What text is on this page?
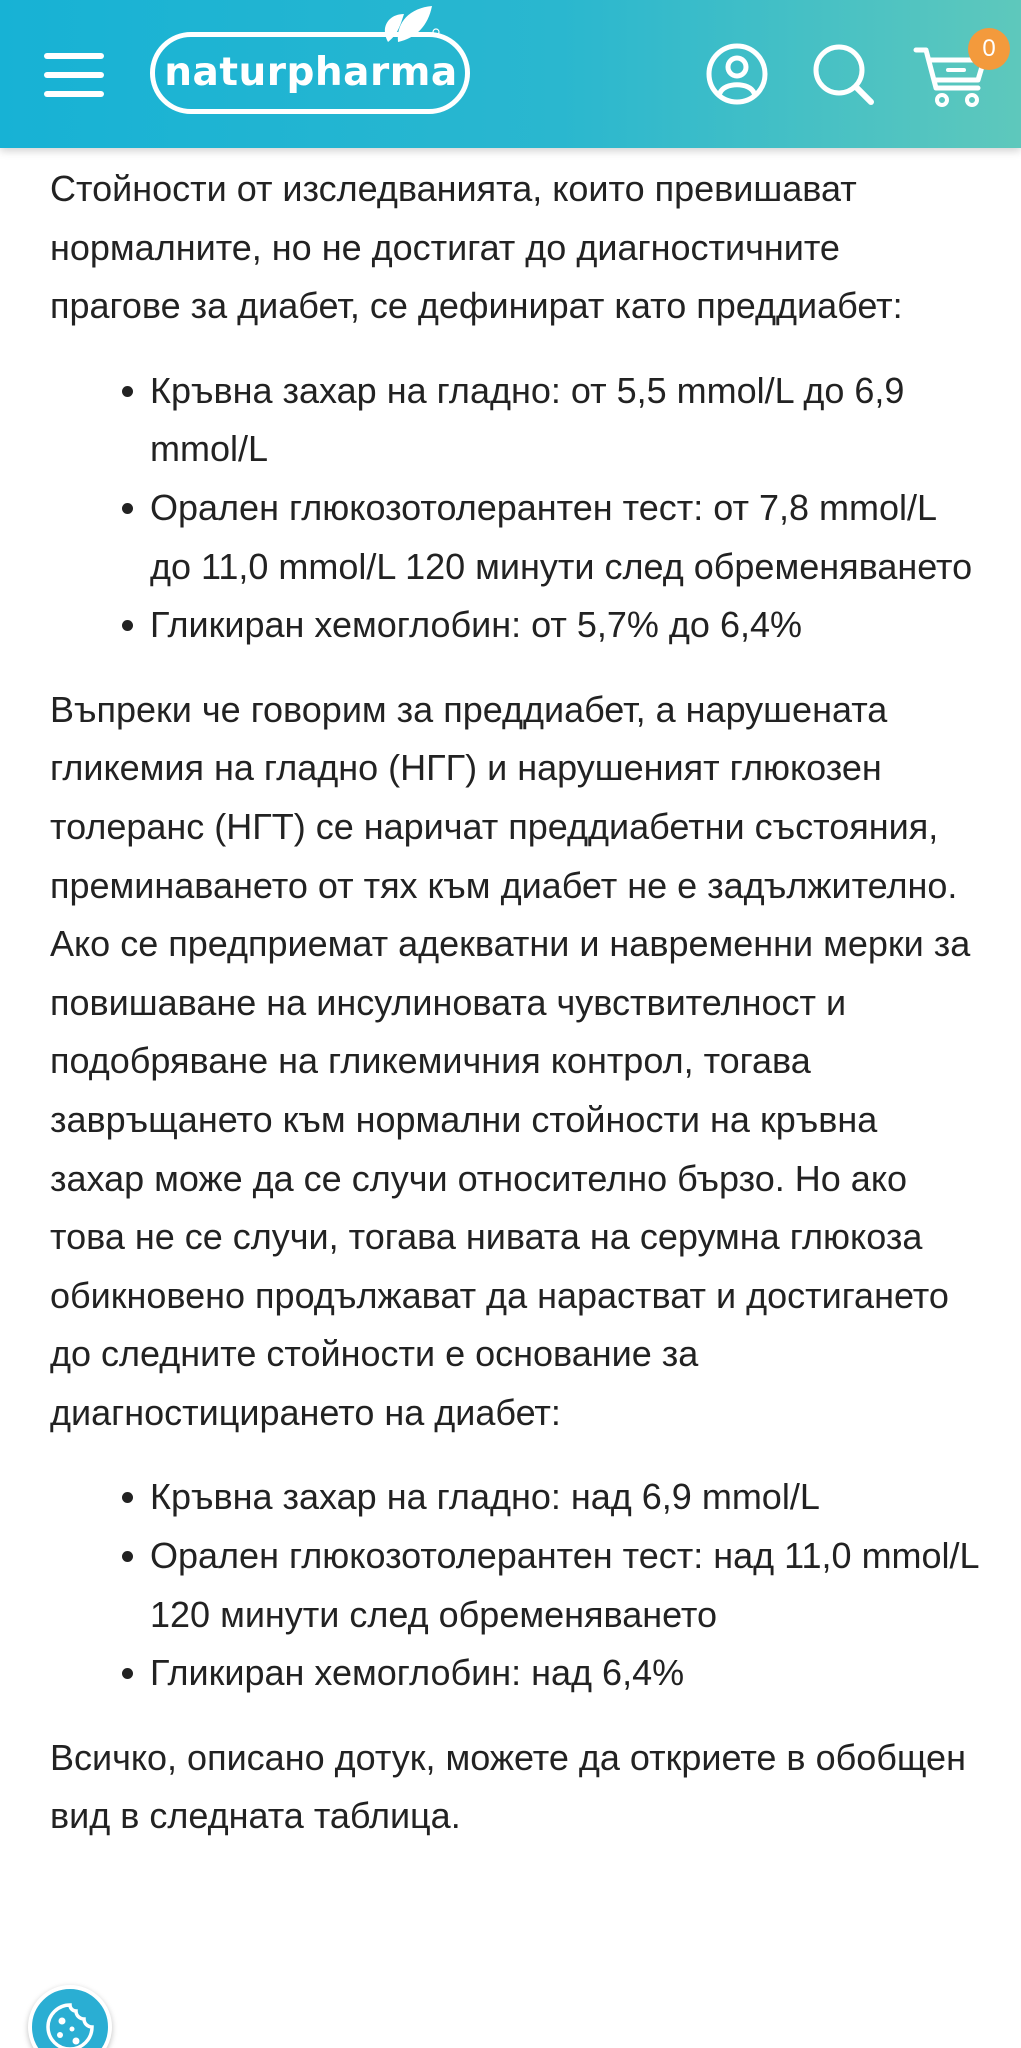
naturpharma
0

Стойности от изследванията, които превишават нормалните, но не достигат до диагностичните прагове за диабет, се дефинират като преддиабет:

Кръвна захар на гладно: от 5,5 mmol/L до 6,9 mmol/L
Орален глюкозотолерантен тест: от 7,8 mmol/L до 11,0 mmol/L 120 минути след обременяването
Гликиран хемоглобин: от 5,7% до 6,4%

Въпреки че говорим за преддиабет, а нарушената гликемия на гладно (НГГ) и нарушеният глюкозен толеранс (НГТ) се наричат преддиабетни състояния, преминаването от тях към диабет не е задължително. Ако се предприемат адекватни и навременни мерки за повишаване на инсулиновата чувствителност и подобряване на гликемичния контрол, тогава завръщането към нормални стойности на кръвна захар може да се случи относително бързо. Но ако това не се случи, тогава нивата на серумна глюкоза обикновено продължават да нарастват и достигането до следните стойности е основание за диагностицирането на диабет:

Кръвна захар на гладно: над 6,9 mmol/L
Орален глюкозотолерантен тест: над 11,0 mmol/L 120 минути след обременяването
Гликиран хемоглобин: над 6,4%

Всичко, описано дотук, можете да откриете в обобщен вид в следната таблица.
